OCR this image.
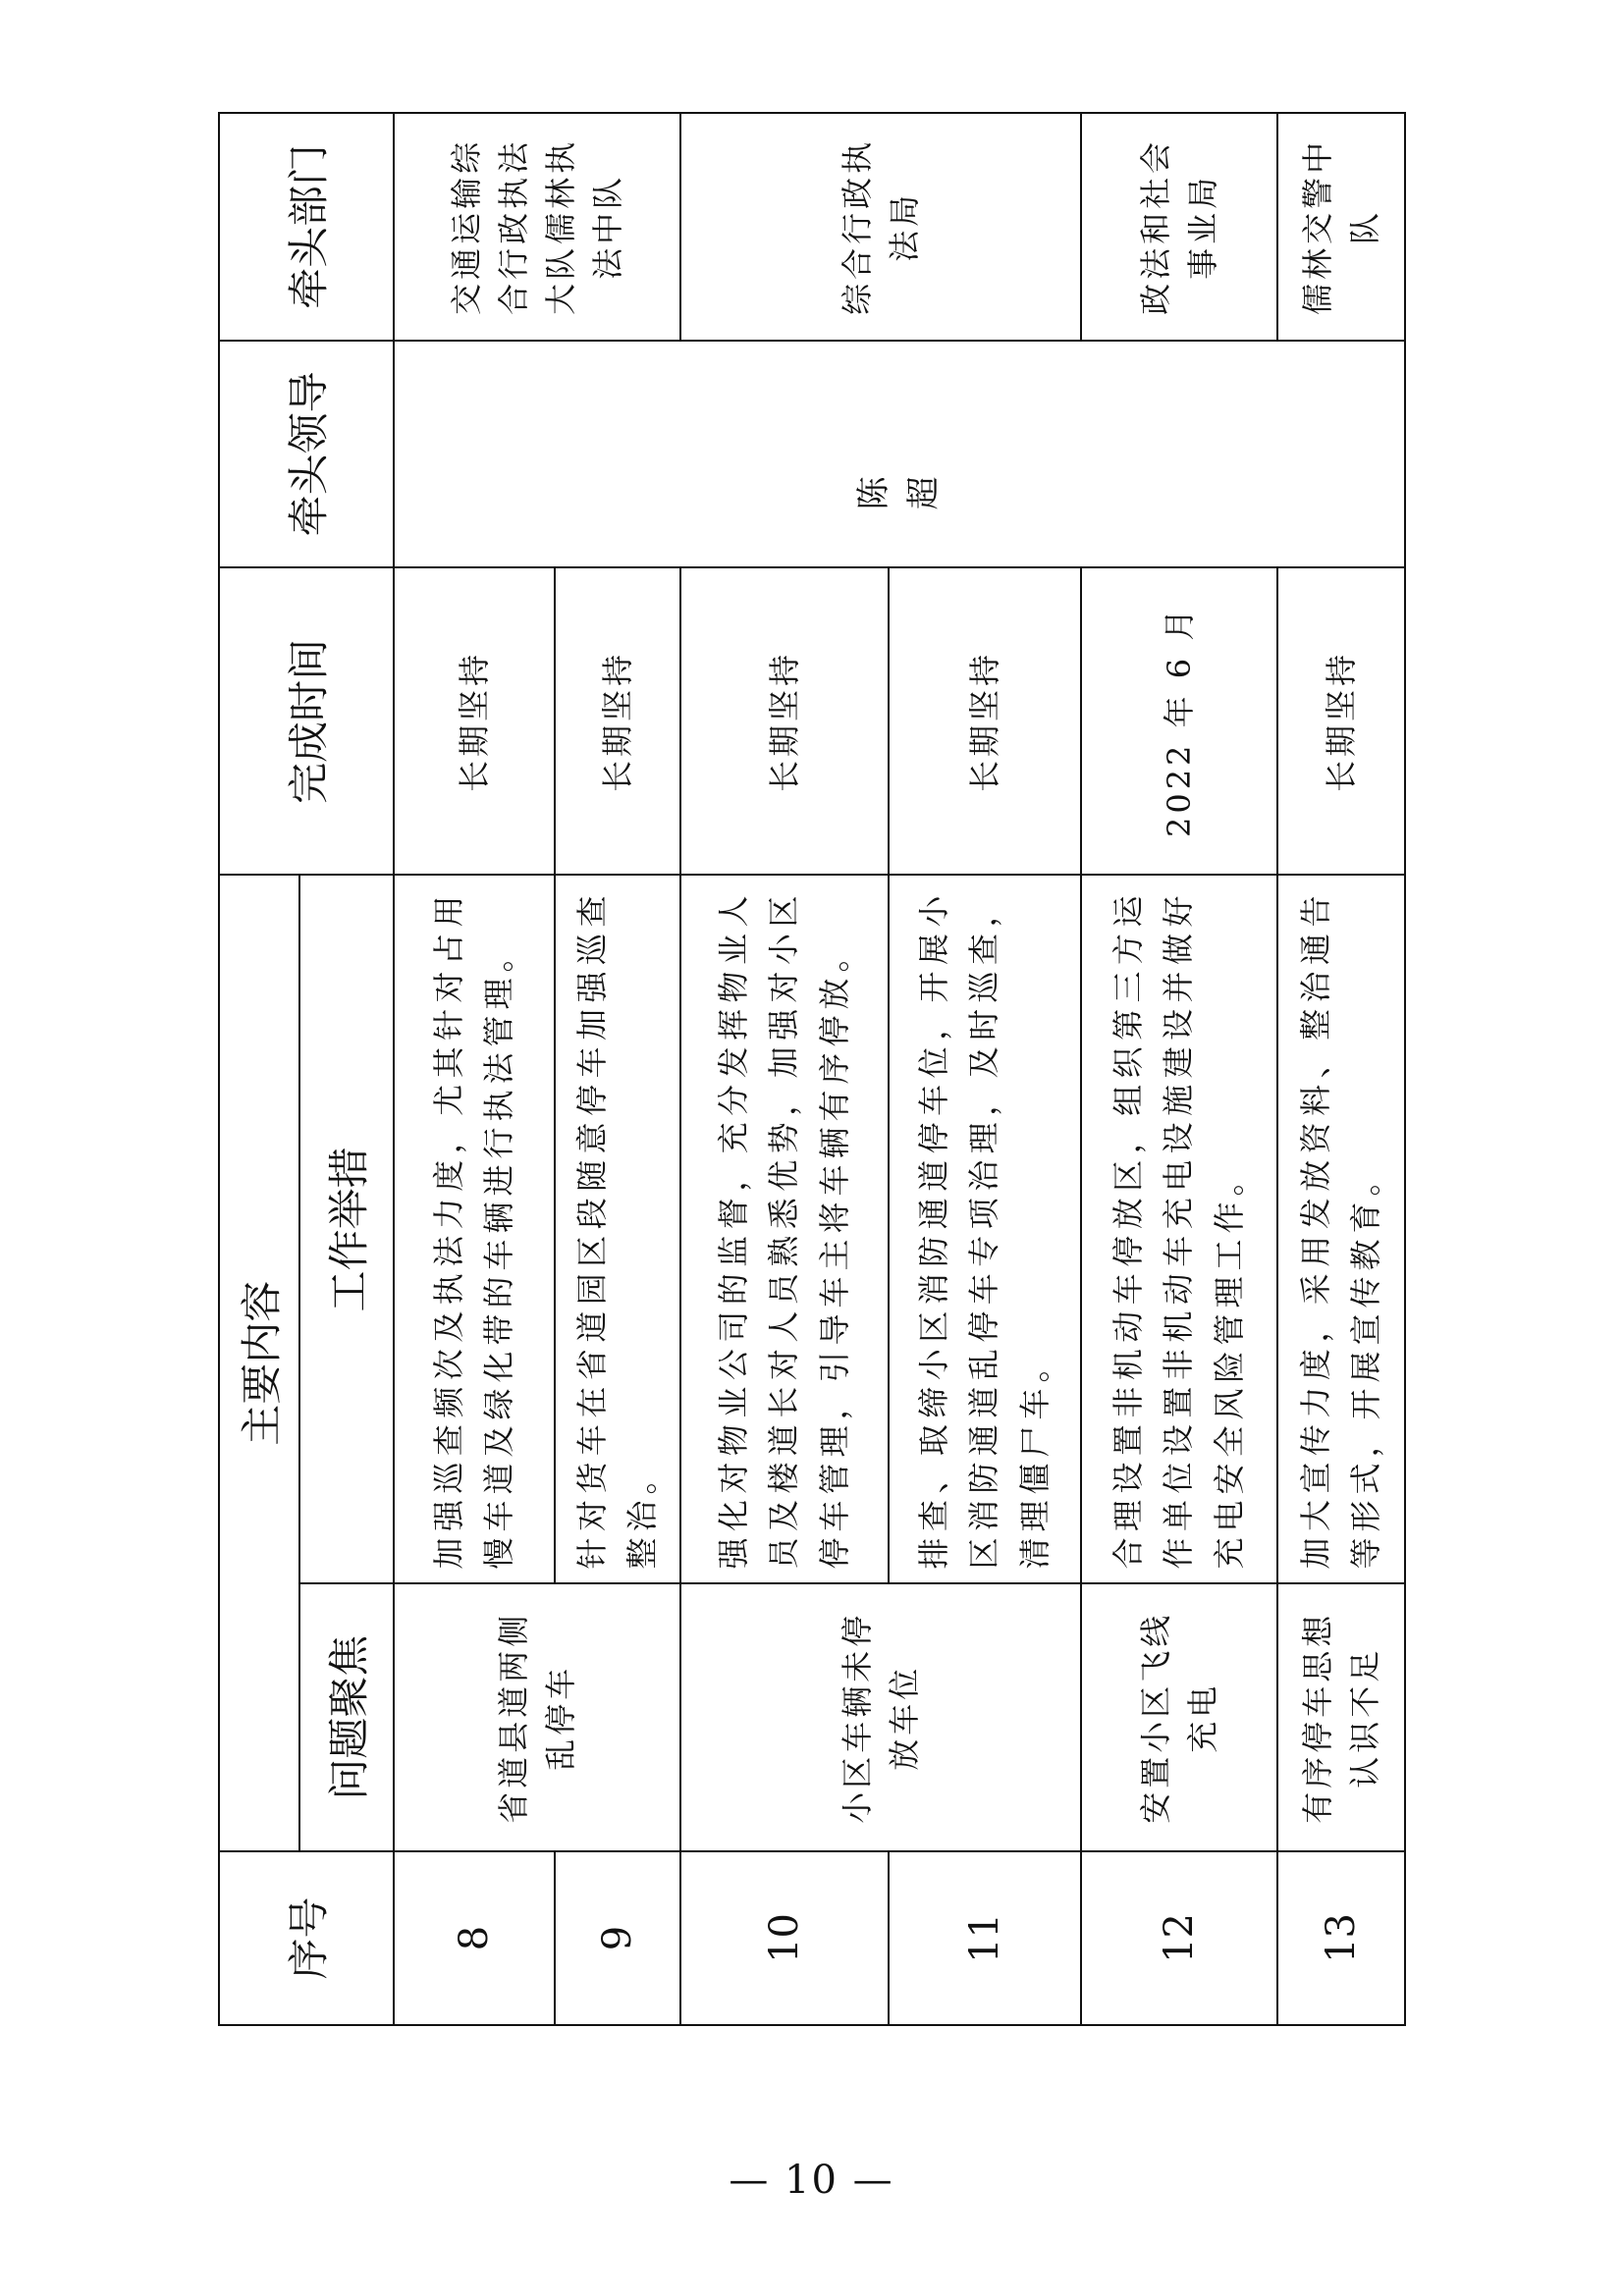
序号	主要内容		完成时间	牵头领导	牵头部门
	问题聚焦	工作举措			
8	省道县道两侧乱停车	加强巡查频次及执法力度，尤其针对占用慢车道及绿化带的车辆进行执法管理。	长期坚持	陈超	交通运输综合行政执法大队儒林执法中队
9		针对货车在省道园区段随意停车加强巡查整治。	长期坚持		
10	小区车辆未停放车位	强化对物业公司的监督，充分发挥物业人员及楼道长对人员熟悉优势，加强对小区停车管理，引导车主将车辆有序停放。	长期坚持		综合行政执法局
11		排查、取缔小区消防通道停车位，开展小区消防通道乱停车专项治理，及时巡查，清理僵尸车。	长期坚持		
12	安置小区飞线充电	合理设置非机动车停放区，组织第三方运作单位设置非机动车充电设施建设并做好充电安全风险管理工作。	2022 年 6 月		政法和社会事业局
13	有序停车思想认识不足	加大宣传力度，采用发放资料、整治通告等形式，开展宣传教育。	长期坚持		儒林交警中队
— 10 —
